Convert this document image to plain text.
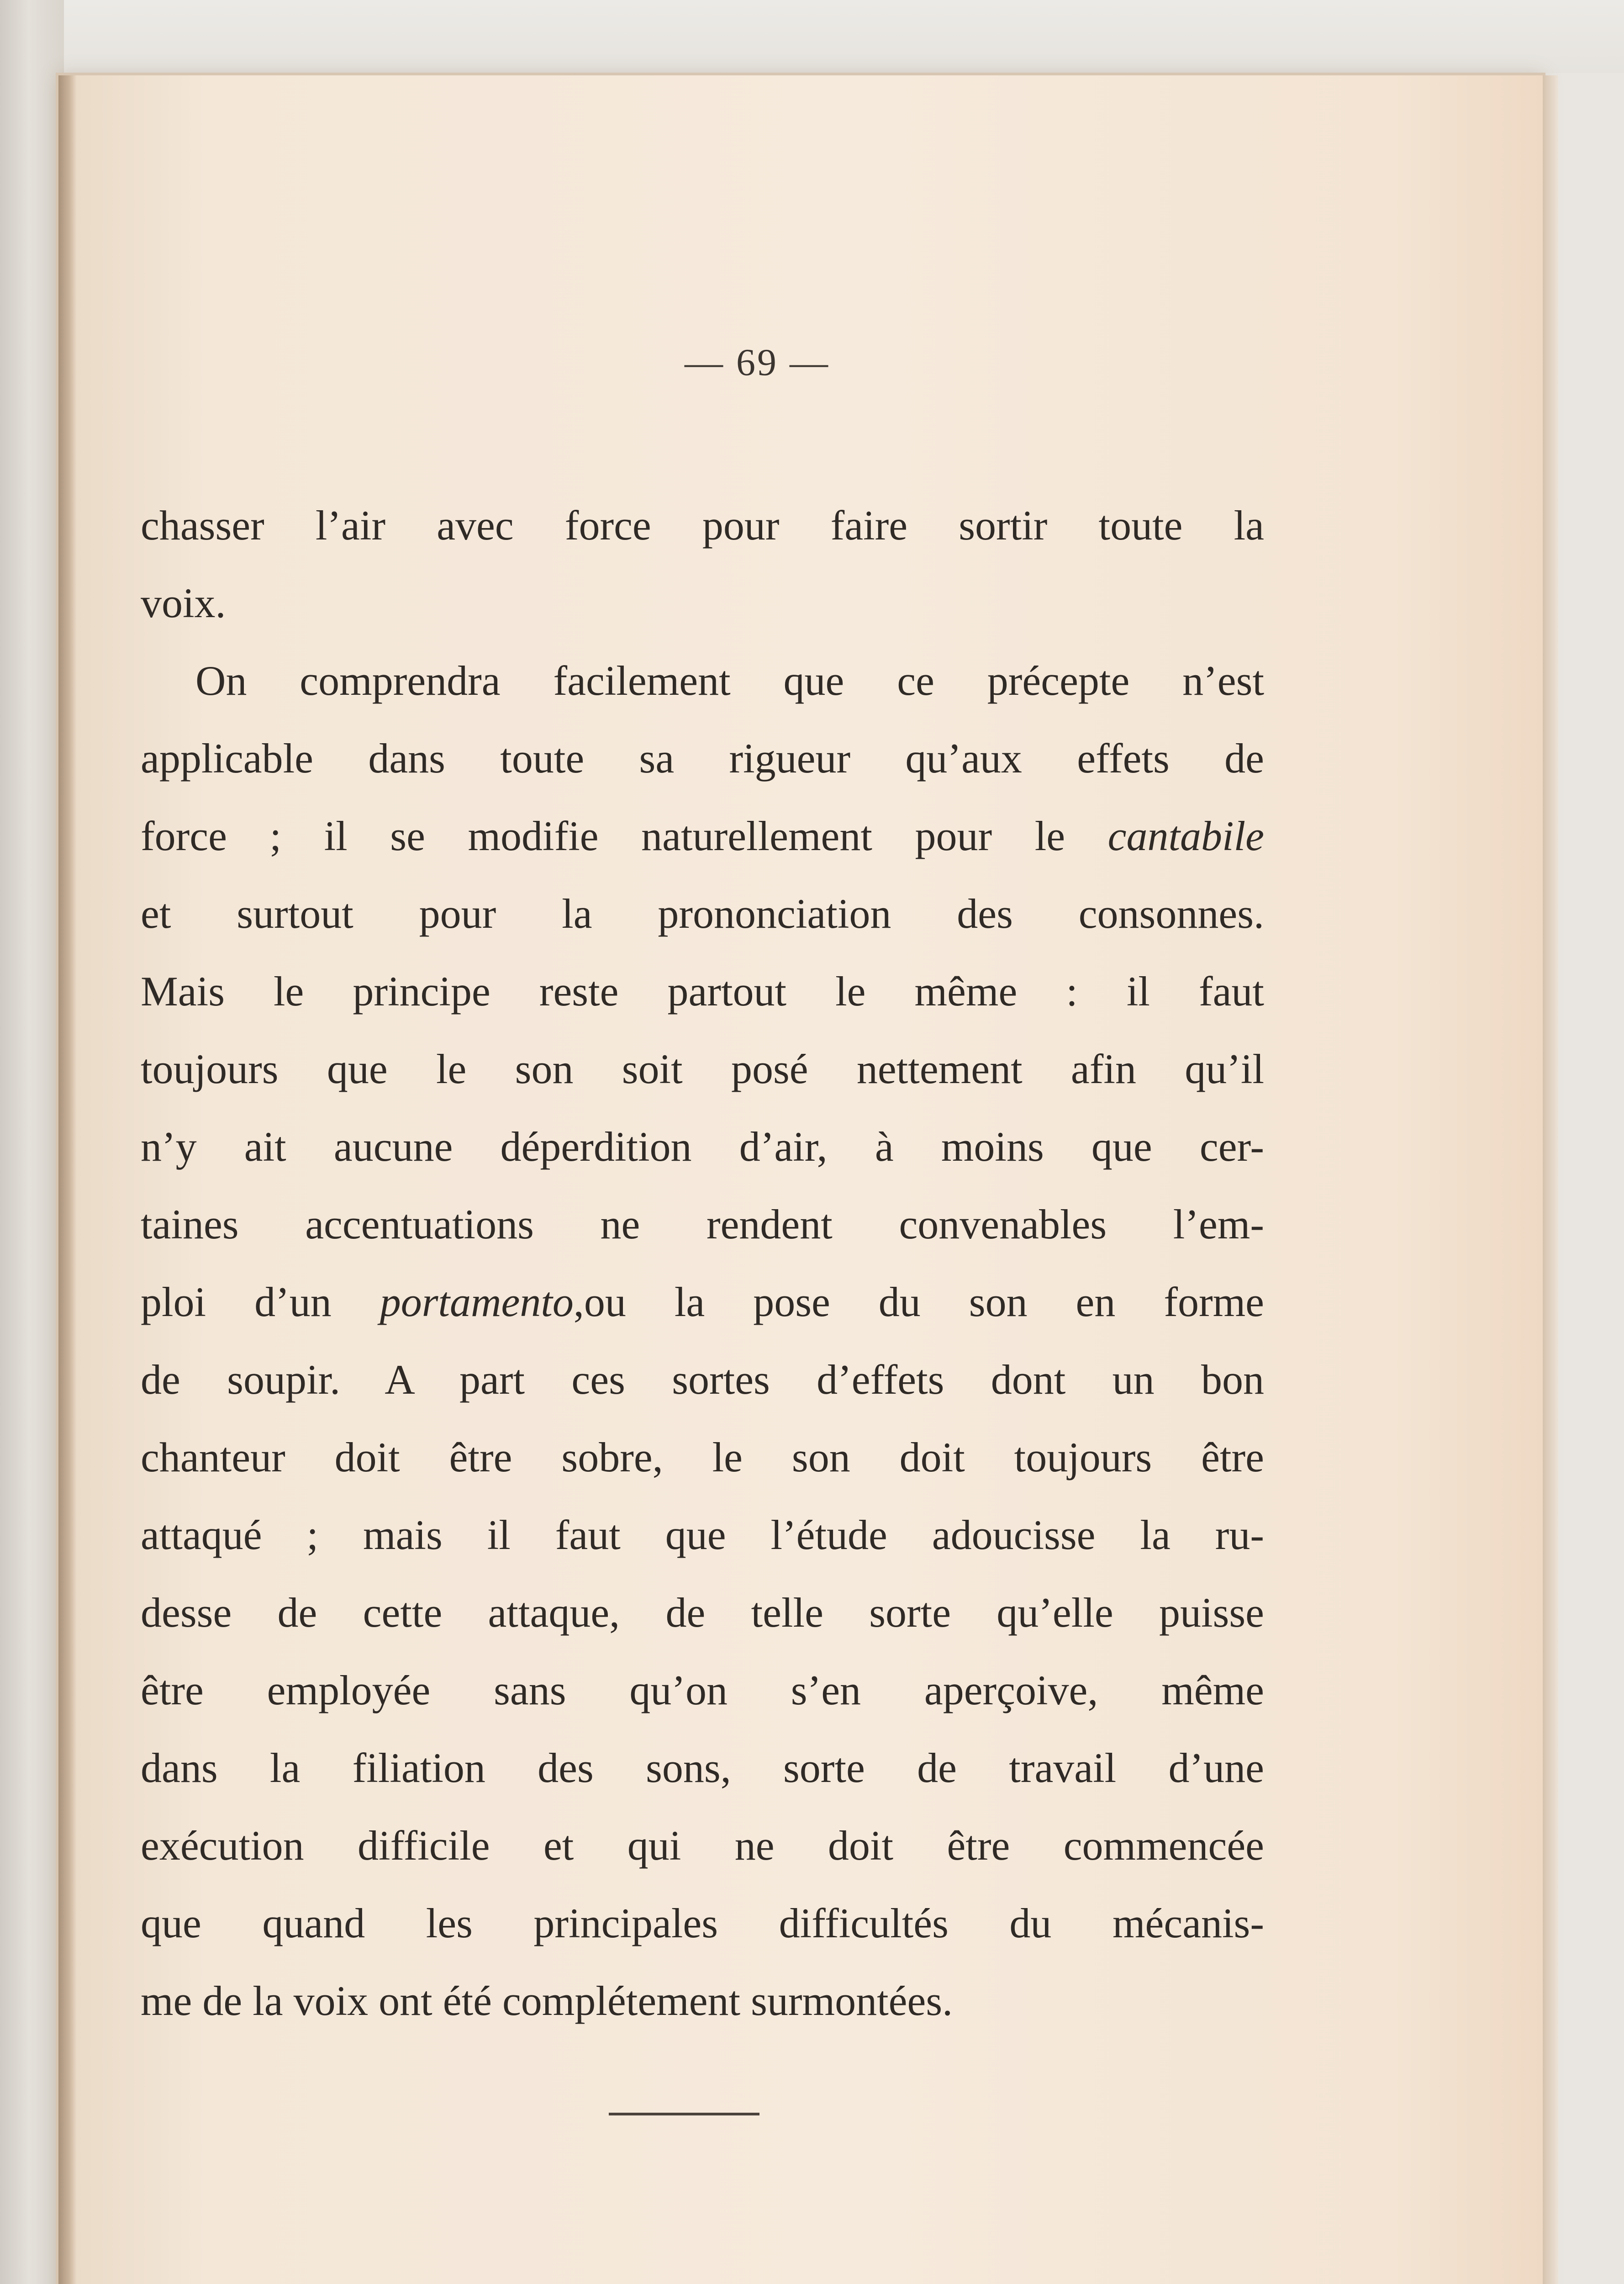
— 69 —
chasser l’air avec force pour faire sortir toute la
voix.
On comprendra facilement que ce précepte n’est
applicable dans toute sa rigueur qu’aux effets de
force ; il se modifie naturellement pour le cantabile
et surtout pour la prononciation des consonnes.
Mais le principe reste partout le même : il faut
toujours que le son soit posé nettement afin qu’il
n’y ait aucune déperdition d’air, à moins que cer-
taines accentuations ne rendent convenables l’em-
ploi d’un portamento,ou la pose du son en forme
de soupir. A part ces sortes d’effets dont un bon
chanteur doit être sobre, le son doit toujours être
attaqué ; mais il faut que l’étude adoucisse la ru-
desse de cette attaque, de telle sorte qu’elle puisse
être employée sans qu’on s’en aperçoive, même
dans la filiation des sons, sorte de travail d’une
exécution difficile et qui ne doit être commencée
que quand les principales difficultés du mécanis-
me de la voix ont été complétement surmontées.
